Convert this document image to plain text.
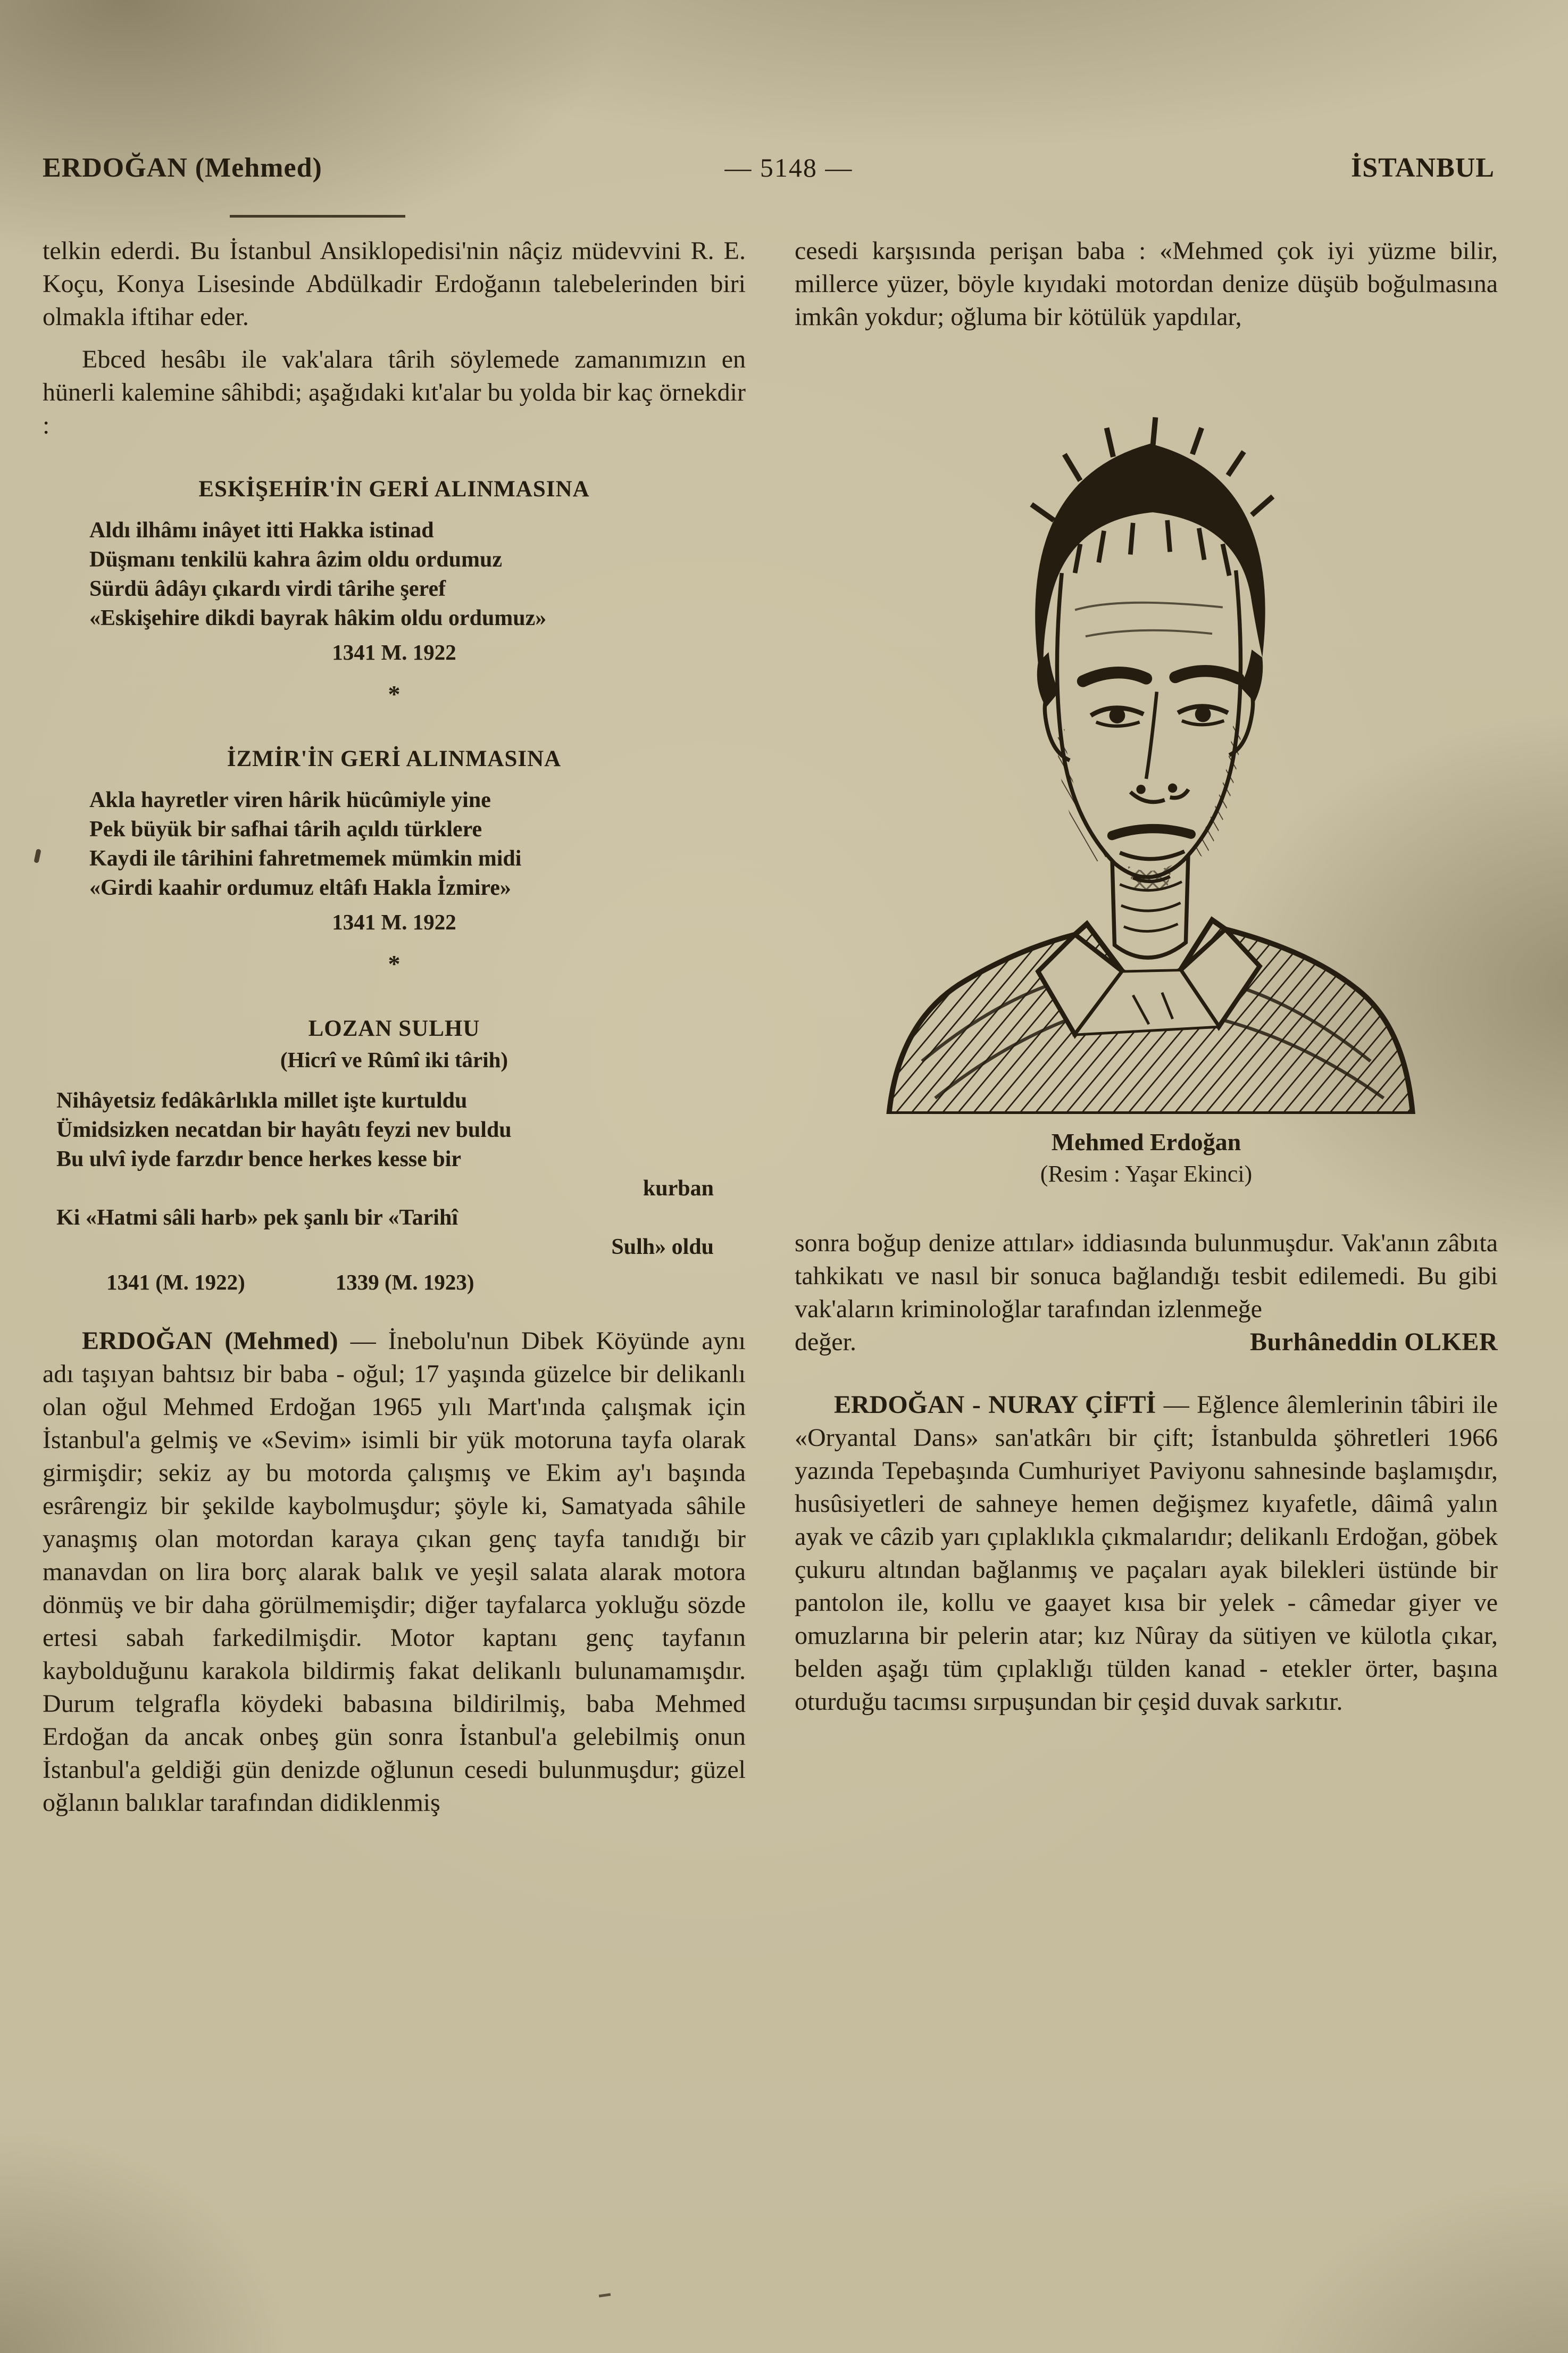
ERDOĞAN (Mehmed)	— 5148 —	İSTANBUL

telkin ederdi. Bu İstanbul Ansiklopedisi'nin nâçiz müdevvini R. E. Koçu, Konya Lisesinde Abdülkadir Erdoğanın talebelerinden biri olmakla iftihar eder.

Ebced hesâbı ile vak'alara târih söylemede zamanımızın en hünerli kalemine sâhibdi; aşağıdaki kıt'alar bu yolda bir kaç örnekdir :

ESKİŞEHİR'İN GERİ ALINMASINA
Aldı ilhâmı inâyet itti Hakka istinad
Düşmanı tenkilü kahra âzim oldu ordumuz
Sürdü âdâyı çıkardı virdi târihe şeref
«Eskişehire dikdi bayrak hâkim oldu ordumuz»
1341 M. 1922
*
İZMİR'İN GERİ ALINMASINA
Akla hayretler viren hârik hücûmiyle yine
Pek büyük bir safhai târih açıldı türklere
Kaydi ile târihini fahretmemek mümkin midi
«Girdi kaahir ordumuz eltâfı Hakla İzmire»
1341 M. 1922
*
LOZAN SULHU
(Hicrî ve Rûmî iki târih)
Nihâyetsiz fedâkârlıkla millet işte kurtuldu
Ümidsizken necatdan bir hayâtı feyzi nev buldu
Bu ulvî iyde farzdır bence herkes kesse bir
kurban
Ki «Hatmi sâli harb» pek şanlı bir «Tarihî
Sulh» oldu
1341 (M. 1922)	1339 (M. 1923)

ERDOĞAN (Mehmed) — İnebolu'nun Dibek Köyünde aynı adı taşıyan bahtsız bir baba - oğul; 17 yaşında güzelce bir delikanlı olan oğul Mehmed Erdoğan 1965 yılı Mart'ında çalışmak için İstanbul'a gelmiş ve «Sevim» isimli bir yük motoruna tayfa olarak girmişdir; sekiz ay bu motorda çalışmış ve Ekim ay'ı başında esrârengiz bir şekilde kaybolmuşdur; şöyle ki, Samatyada sâhile yanaşmış olan motordan karaya çıkan genç tayfa tanıdığı bir manavdan on lira borç alarak balık ve yeşil salata alarak motora dönmüş ve bir daha görülmemişdir; diğer tayfalarca yokluğu sözde ertesi sabah farkedilmişdir. Motor kaptanı genç tayfanın kaybolduğunu karakola bildirmiş fakat delikanlı bulunamamışdır. Durum telgrafla köydeki babasına bildirilmiş, baba Mehmed Erdoğan da ancak onbeş gün sonra İstanbul'a gelebilmiş onun İstanbul'a geldiği gün denizde oğlunun cesedi bulunmuşdur; güzel oğlanın balıklar tarafından didiklenmiş

cesedi karşısında perişan baba : «Mehmed çok iyi yüzme bilir, millerce yüzer, böyle kıyıdaki motordan denize düşüb boğulmasına imkân yokdur; oğluma bir kötülük yapdılar,

Mehmed Erdoğan
(Resim : Yaşar Ekinci)

sonra boğup denize attılar» iddiasında bulunmuşdur. Vak'anın zâbıta tahkikatı ve nasıl bir sonuca bağlandığı tesbit edilemedi. Bu gibi vak'aların kriminoloğlar tarafından izlenmeğe

değer.	Burhâneddin OLKER

ERDOĞAN - NURAY ÇİFTİ — Eğlence âlemlerinin tâbiri ile «Oryantal Dans» san'atkârı bir çift; İstanbulda şöhretleri 1966 yazında Tepebaşında Cumhuriyet Paviyonu sahnesinde başlamışdır, husûsiyetleri de sahneye hemen değişmez kıyafetle, dâimâ yalın ayak ve câzib yarı çıplaklıkla çıkmalarıdır; delikanlı Erdoğan, göbek çukuru altından bağlanmış ve paçaları ayak bilekleri üstünde bir pantolon ile, kollu ve gaayet kısa bir yelek - câmedar giyer ve omuzlarına bir pelerin atar; kız Nûray da sütiyen ve külotla çıkar, belden aşağı tüm çıplaklığı tülden kanad - etekler örter, başına oturduğu tacımsı sırpuşundan bir çeşid duvak sarkıtır.
